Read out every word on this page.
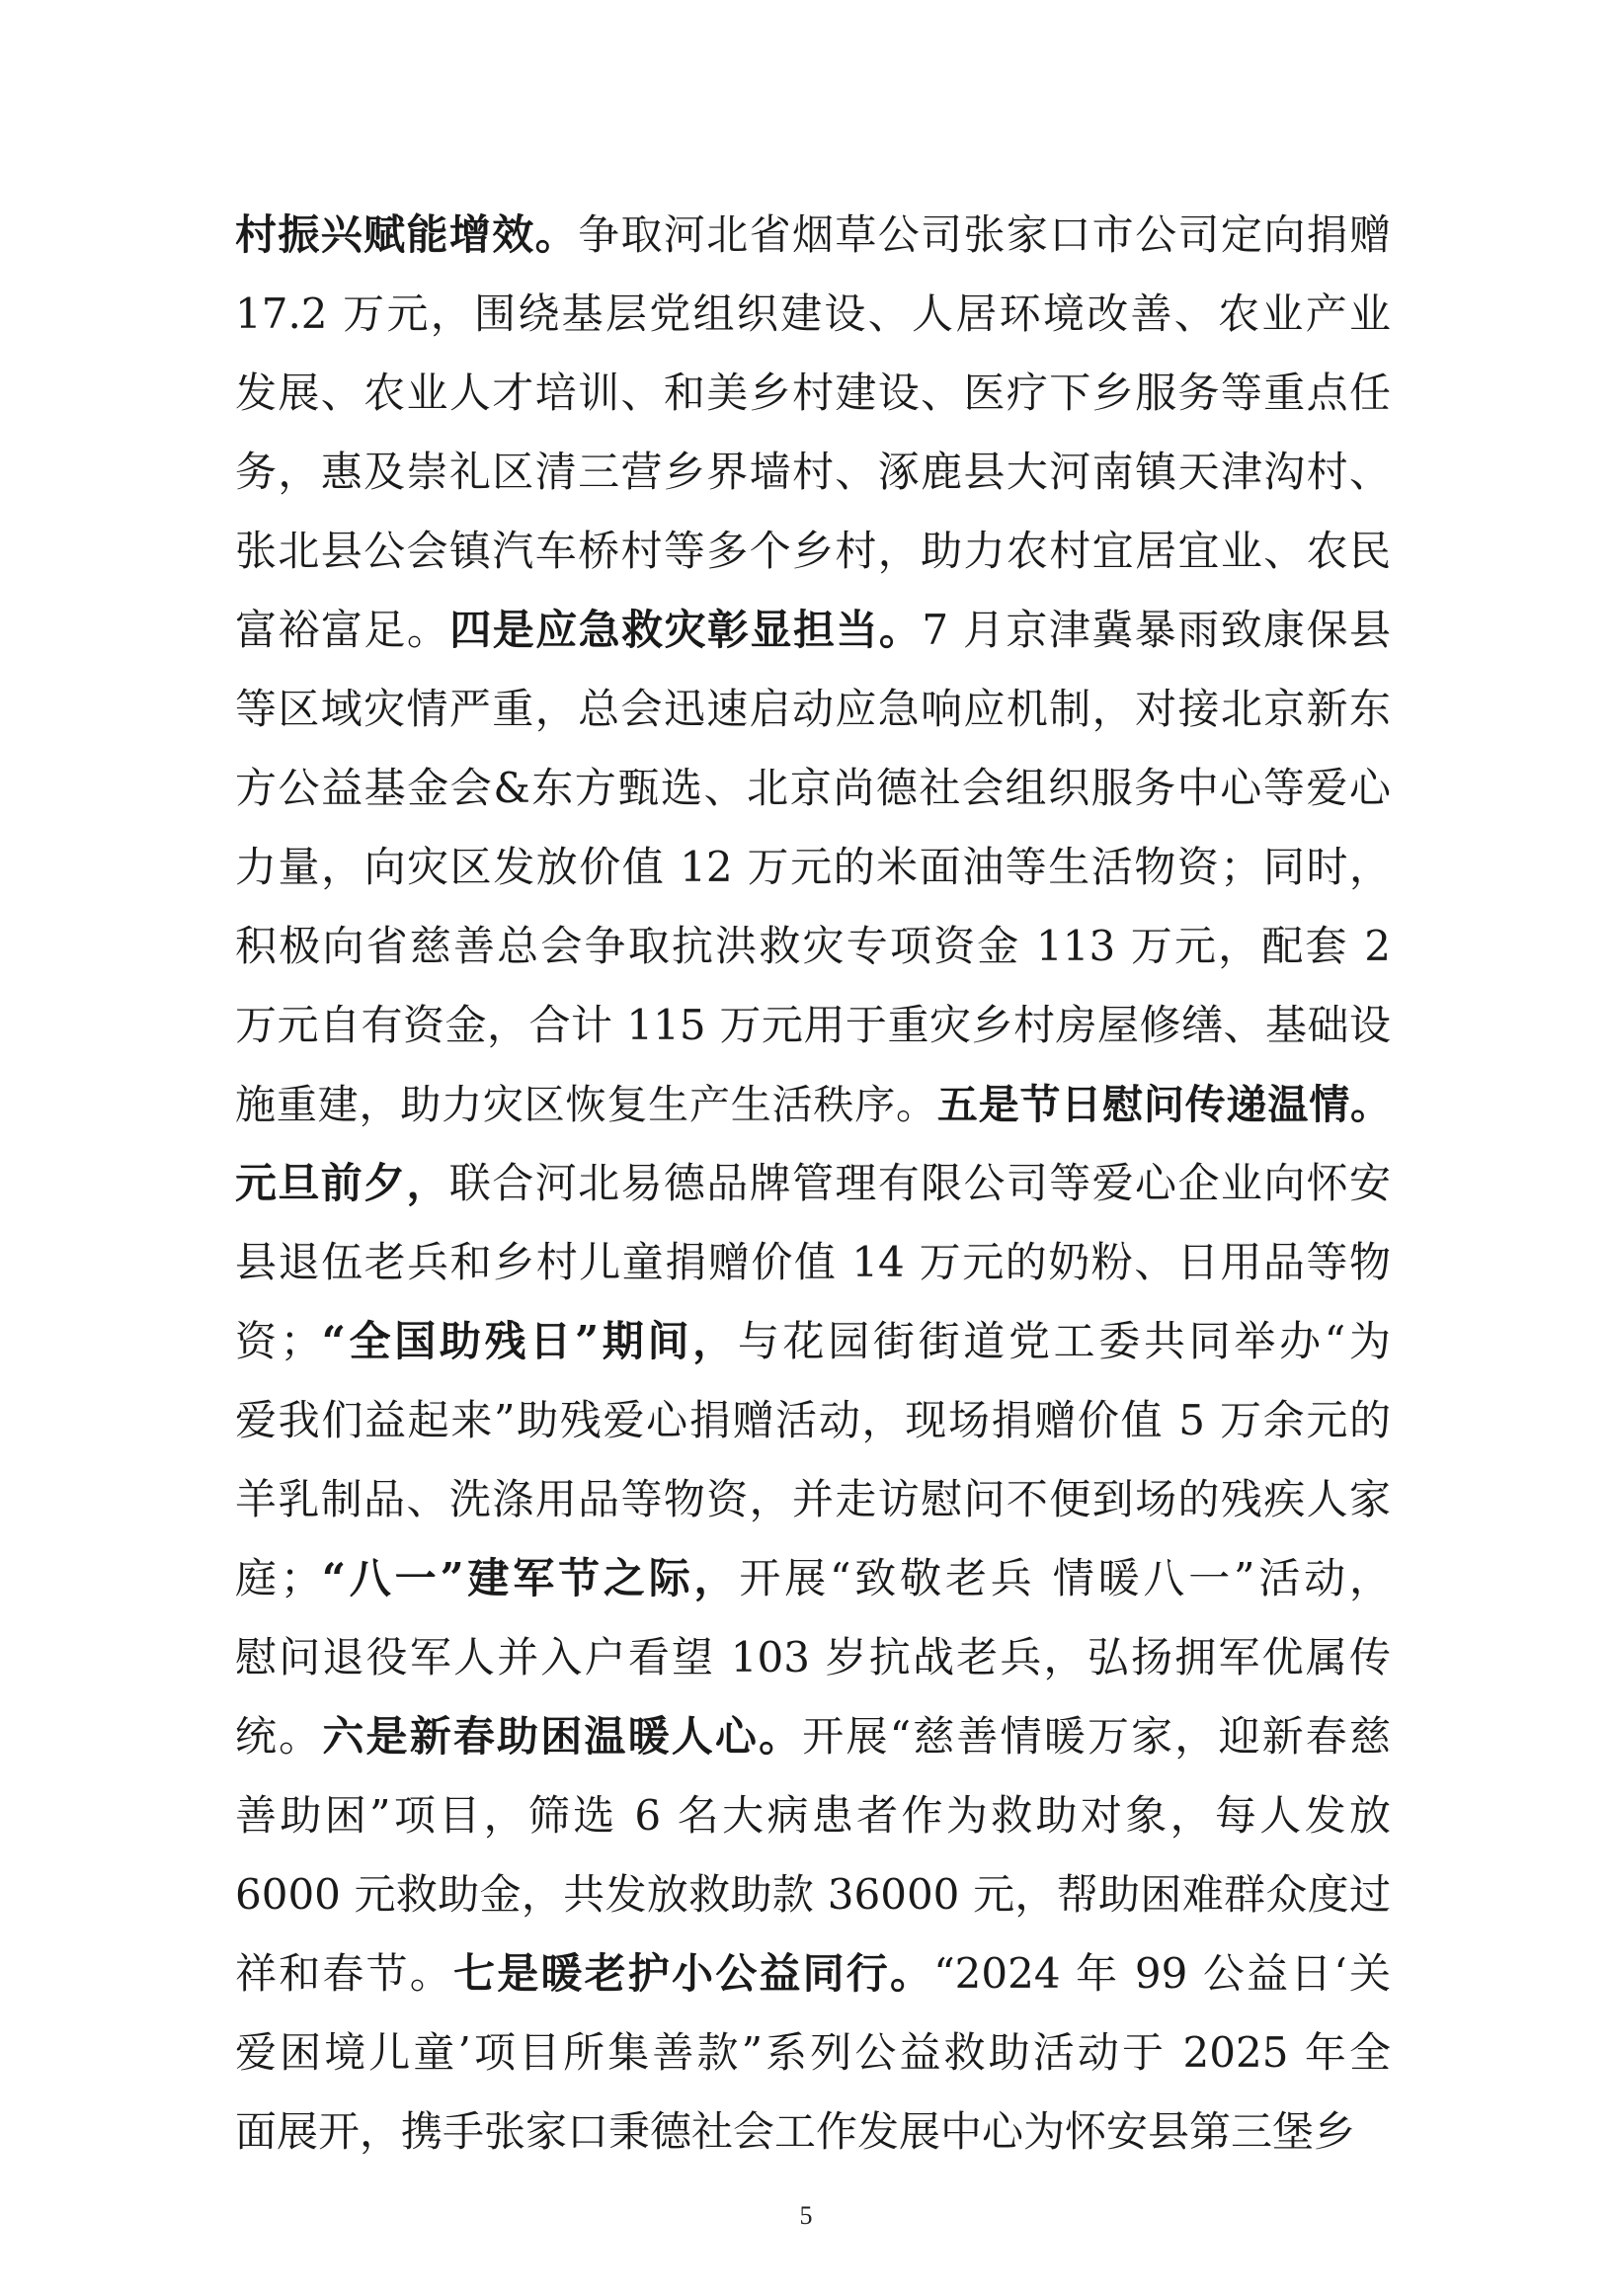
村振兴赋能增效。争取河北省烟草公司张家口市公司定向捐赠
17.2 万元，围绕基层党组织建设、人居环境改善、农业产业
发展、农业人才培训、和美乡村建设、医疗下乡服务等重点任
务，惠及崇礼区清三营乡界墙村、涿鹿县大河南镇天津沟村、
张北县公会镇汽车桥村等多个乡村，助力农村宜居宜业、农民
富裕富足。四是应急救灾彰显担当。7 月京津冀暴雨致康保县
等区域灾情严重，总会迅速启动应急响应机制，对接北京新东
方公益基金会&东方甄选、北京尚德社会组织服务中心等爱心
力量，向灾区发放价值 12 万元的米面油等生活物资；同时，
积极向省慈善总会争取抗洪救灾专项资金 113 万元，配套 2
万元自有资金，合计 115 万元用于重灾乡村房屋修缮、基础设
施重建，助力灾区恢复生产生活秩序。五是节日慰问传递温情。
元旦前夕，联合河北易德品牌管理有限公司等爱心企业向怀安
县退伍老兵和乡村儿童捐赠价值 14 万元的奶粉、日用品等物
资；“全国助残日”期间，与花园街街道党工委共同举办“为
爱我们益起来”助残爱心捐赠活动，现场捐赠价值 5 万余元的
羊乳制品、洗涤用品等物资，并走访慰问不便到场的残疾人家
庭；“八一”建军节之际，开展“致敬老兵 情暖八一”活动，
慰问退役军人并入户看望 103 岁抗战老兵，弘扬拥军优属传
统。六是新春助困温暖人心。开展“慈善情暖万家，迎新春慈
善助困”项目，筛选 6 名大病患者作为救助对象，每人发放
6000 元救助金，共发放救助款 36000 元，帮助困难群众度过
祥和春节。七是暖老护小公益同行。“2024 年 99 公益日‘关
爱困境儿童’项目所集善款”系列公益救助活动于 2025 年全
面展开，携手张家口秉德社会工作发展中心为怀安县第三堡乡
5
